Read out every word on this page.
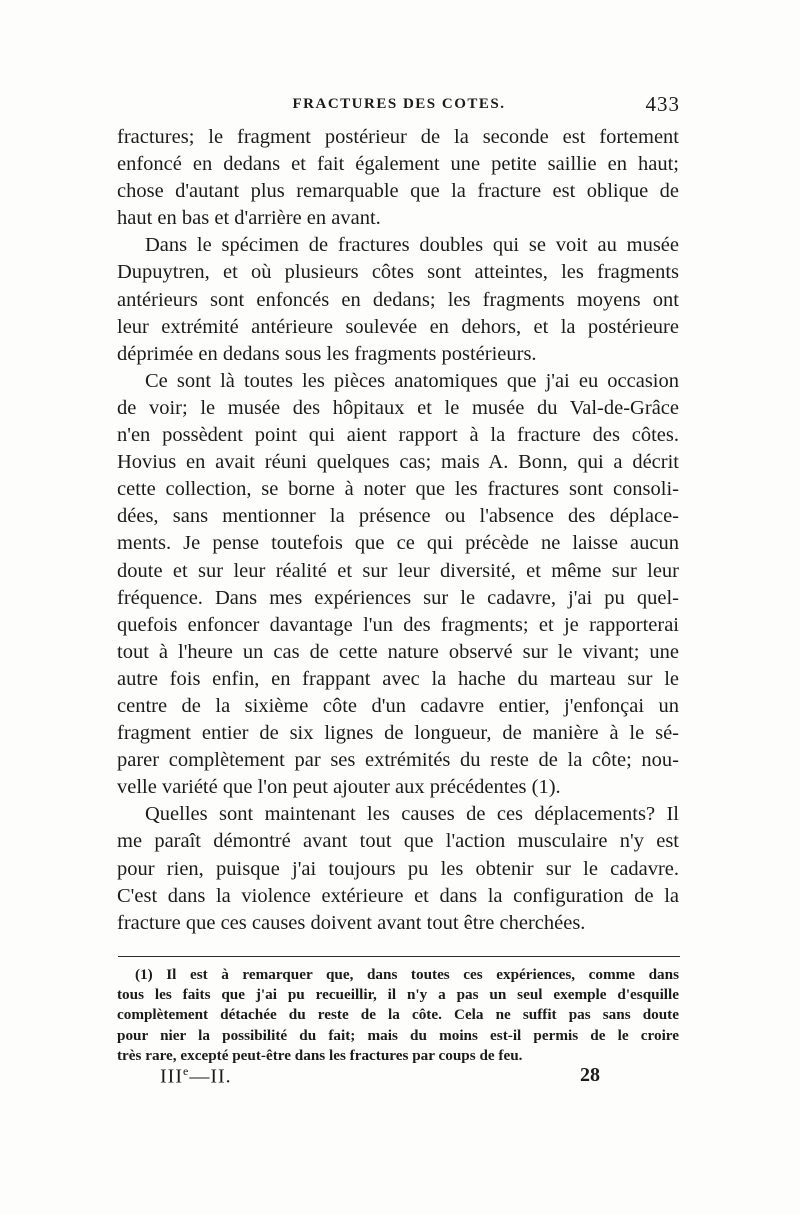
FRACTURES DES COTES.	433
fractures; le fragment postérieur de la seconde est fortement
enfoncé en dedans et fait également une petite saillie en haut;
chose d'autant plus remarquable que la fracture est oblique de
haut en bas et d'arrière en avant.
Dans le spécimen de fractures doubles qui se voit au musée
Dupuytren, et où plusieurs côtes sont atteintes, les fragments
antérieurs sont enfoncés en dedans; les fragments moyens ont
leur extrémité antérieure soulevée en dehors, et la postérieure
déprimée en dedans sous les fragments postérieurs.
Ce sont là toutes les pièces anatomiques que j'ai eu occasion
de voir; le musée des hôpitaux et le musée du Val-de-Grâce
n'en possèdent point qui aient rapport à la fracture des côtes.
Hovius en avait réuni quelques cas; mais A. Bonn, qui a décrit
cette collection, se borne à noter que les fractures sont consoli-
dées, sans mentionner la présence ou l'absence des déplace-
ments. Je pense toutefois que ce qui précède ne laisse aucun
doute et sur leur réalité et sur leur diversité, et même sur leur
fréquence. Dans mes expériences sur le cadavre, j'ai pu quel-
quefois enfoncer davantage l'un des fragments; et je rapporterai
tout à l'heure un cas de cette nature observé sur le vivant; une
autre fois enfin, en frappant avec la hache du marteau sur le
centre de la sixième côte d'un cadavre entier, j'enfonçai un
fragment entier de six lignes de longueur, de manière à le sé-
parer complètement par ses extrémités du reste de la côte; nou-
velle variété que l'on peut ajouter aux précédentes (1).
Quelles sont maintenant les causes de ces déplacements? Il
me paraît démontré avant tout que l'action musculaire n'y est
pour rien, puisque j'ai toujours pu les obtenir sur le cadavre.
C'est dans la violence extérieure et dans la configuration de la
fracture que ces causes doivent avant tout être cherchées.
(1) Il est à remarquer que, dans toutes ces expériences, comme dans
tous les faits que j'ai pu recueillir, il n'y a pas un seul exemple d'esquille
complètement détachée du reste de la côte. Cela ne suffit pas sans doute
pour nier la possibilité du fait; mais du moins est-il permis de le croire
très rare, excepté peut-être dans les fractures par coups de feu.
IIIe—II.	28
